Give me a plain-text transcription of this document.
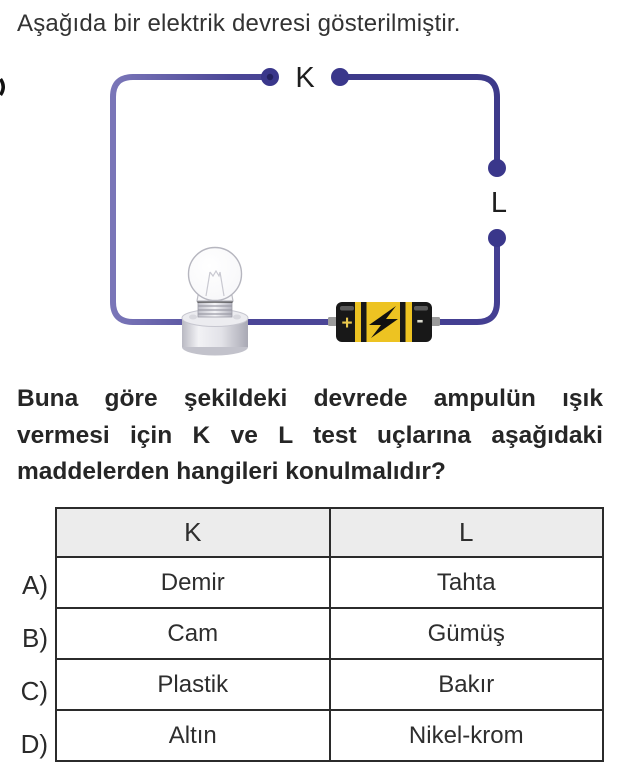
Aşağıda bir elektrik devresi gösterilmiştir.
+	-
K
L
Buna göre şekildeki devrede ampulün ışık
vermesi için K ve L test uçlarına aşağıdaki
maddelerden hangileri konulmalıdır?
A)
B)
C)
D)
K	L
Demir	Tahta
Cam	Gümüş
Plastik	Bakır
Altın	Nikel-krom
